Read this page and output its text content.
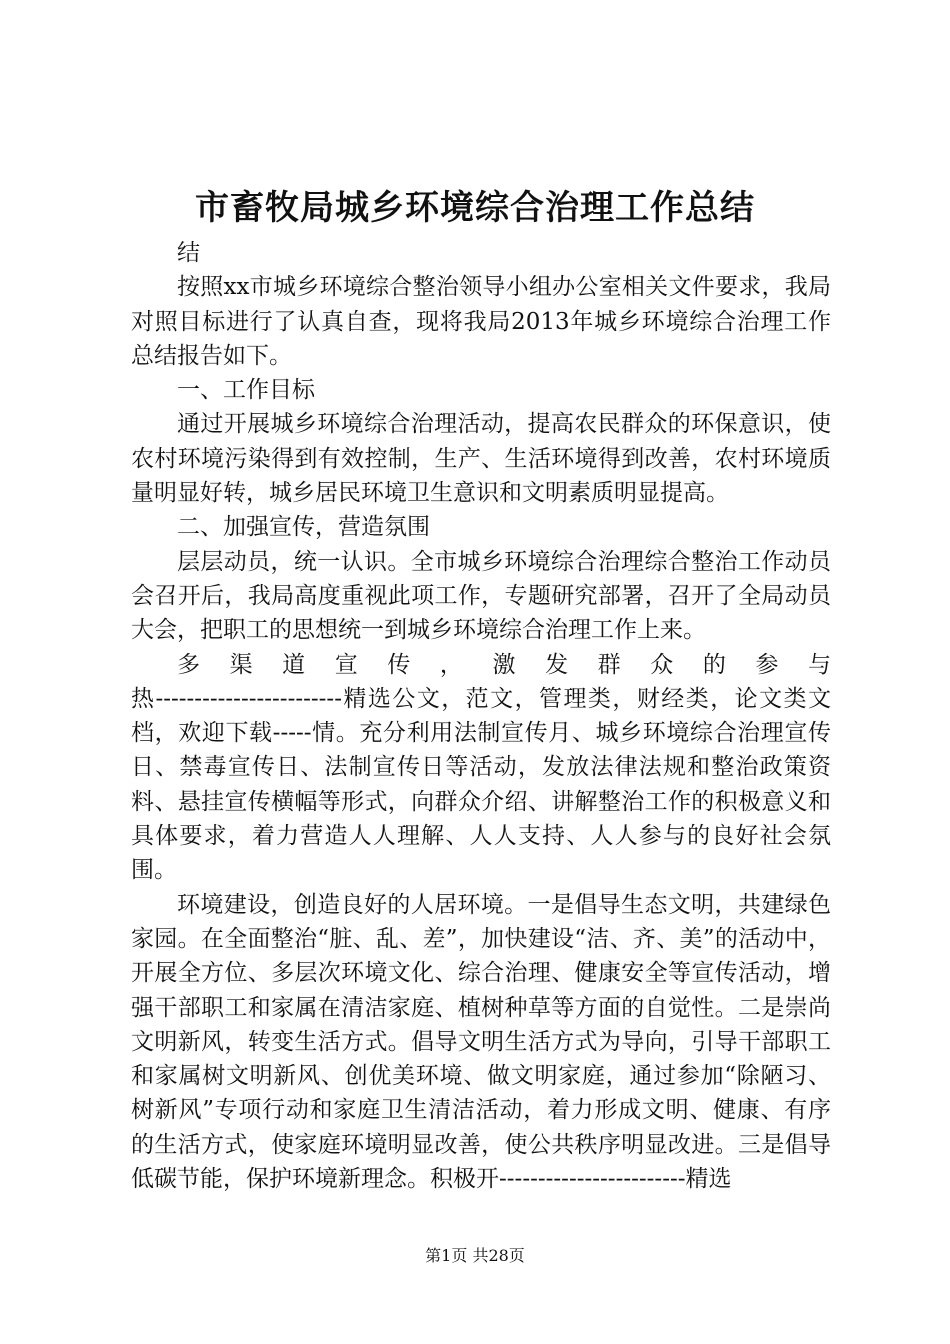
市畜牧局城乡环境综合治理工作总结

结

按照xx市城乡环境综合整治领导小组办公室相关文件要求，我局对照目标进行了认真自查，现将我局2013年城乡环境综合治理工作总结报告如下。

一、工作目标

通过开展城乡环境综合治理活动，提高农民群众的环保意识，使农村环境污染得到有效控制，生产、生活环境得到改善，农村环境质量明显好转，城乡居民环境卫生意识和文明素质明显提高。

二、加强宣传，营造氛围

层层动员，统一认识。全市城乡环境综合治理综合整治工作动员会召开后，我局高度重视此项工作，专题研究部署，召开了全局动员大会，把职工的思想统一到城乡环境综合治理工作上来。

多 渠 道 宣 传 ， 激 发 群 众 的 参 与

热------------------------精选公文，范文，管理类，财经类，论文类文档，欢迎下载-----情。充分利用法制宣传月、城乡环境综合治理宣传日、禁毒宣传日、法制宣传日等活动，发放法律法规和整治政策资料、悬挂宣传横幅等形式，向群众介绍、讲解整治工作的积极意义和具体要求，着力营造人人理解、人人支持、人人参与的良好社会氛围。

环境建设，创造良好的人居环境。一是倡导生态文明，共建绿色家园。在全面整治“脏、乱、差”，加快建设“洁、齐、美”的活动中，开展全方位、多层次环境文化、综合治理、健康安全等宣传活动，增强干部职工和家属在清洁家庭、植树种草等方面的自觉性。二是崇尚文明新风，转变生活方式。倡导文明生活方式为导向，引导干部职工和家属树文明新风、创优美环境、做文明家庭，通过参加“除陋习、树新风”专项行动和家庭卫生清洁活动，着力形成文明、健康、有序的生活方式，使家庭环境明显改善，使公共秩序明显改进。三是倡导低碳节能，保护环境新理念。积极开------------------------精选

第1页 共28页
